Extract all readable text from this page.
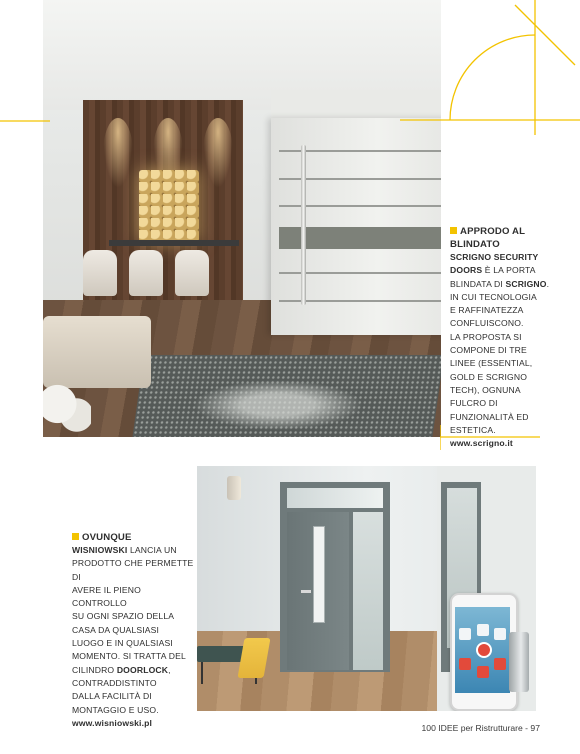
APPRODO AL
BLINDATO
SCRIGNO SECURITY
DOORS È LA PORTA
BLINDATA DI SCRIGNO.
IN CUI TECNOLOGIA
E RAFFINATEZZA
CONFLUISCONO.
LA PROPOSTA SI
COMPONE DI TRE
LINEE (ESSENTIAL,
GOLD E SCRIGNO
TECH), OGNUNA
FULCRO DI
FUNZIONALITÀ ED
ESTETICA.
www.scrigno.it
OVUNQUE
WISNIOWSKI LANCIA UN
PRODOTTO CHE PERMETTE DI
AVERE IL PIENO CONTROLLO
SU OGNI SPAZIO DELLA
CASA DA QUALSIASI
LUOGO E IN QUALSIASI
MOMENTO. SI TRATTA DEL
CILINDRO DOORLOCK,
CONTRADDISTINTO
DALLA FACILITÀ DI
MONTAGGIO E USO.
www.wisniowski.pl
100 IDEE per Ristrutturare - 97
